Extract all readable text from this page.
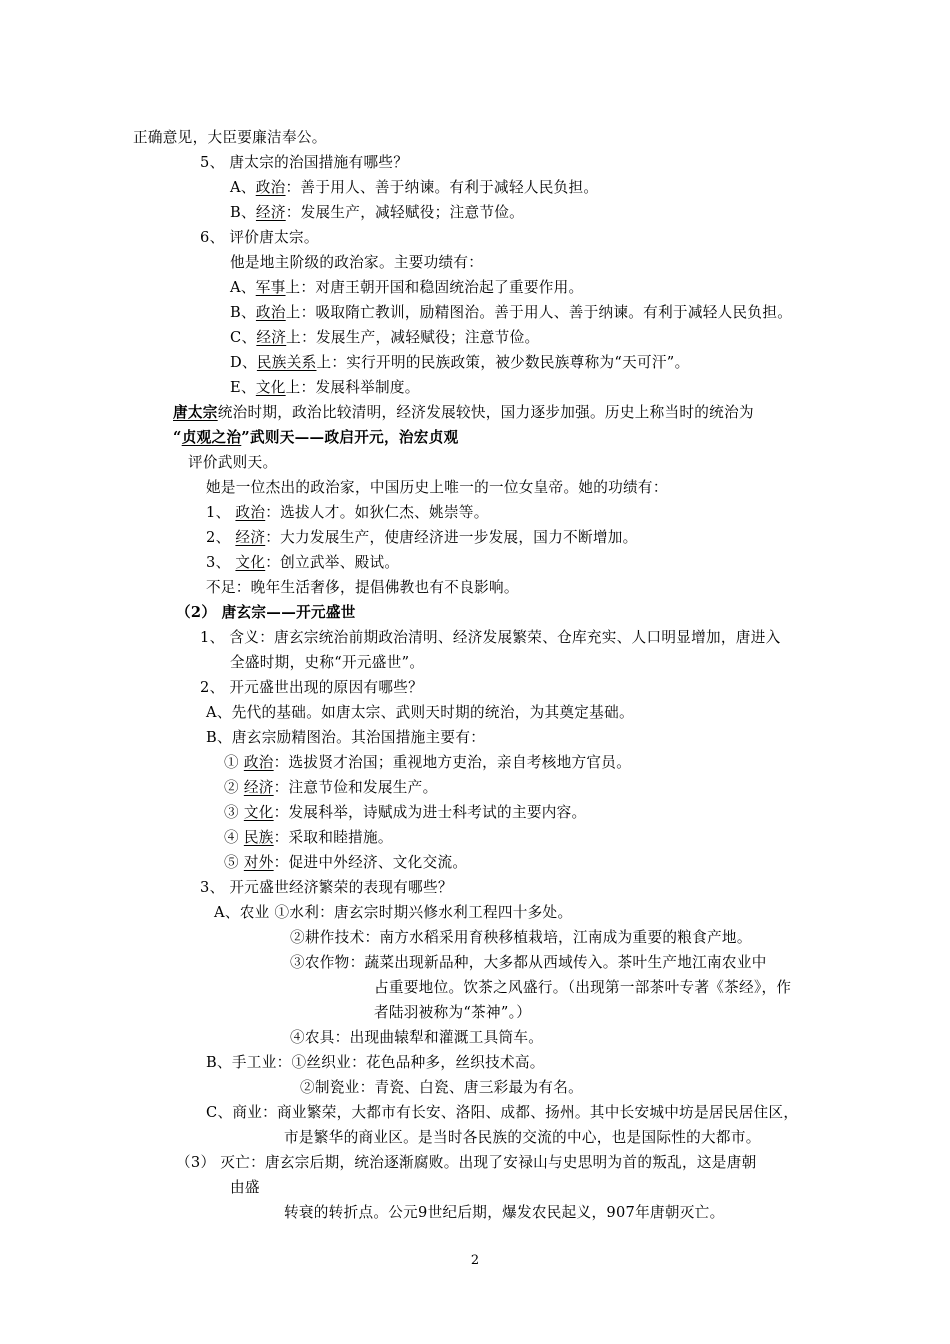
正确意见，大臣要廉洁奉公。
5、 唐太宗的治国措施有哪些？
A、政治：善于用人、善于纳谏。有利于减轻人民负担。
B、经济：发展生产，减轻赋役；注意节俭。
6、 评价唐太宗。
他是地主阶级的政治家。主要功绩有：
A、军事上：对唐王朝开国和稳固统治起了重要作用。
B、政治上：吸取隋亡教训，励精图治。善于用人、善于纳谏。有利于减轻人民负担。
C、经济上：发展生产，减轻赋役；注意节俭。
D、民族关系上：实行开明的民族政策，被少数民族尊称为“天可汗”。
E、文化上：发展科举制度。
唐太宗统治时期，政治比较清明，经济发展较快，国力逐步加强。历史上称当时的统治为
“贞观之治”武则天——政启开元，治宏贞观
评价武则天。
她是一位杰出的政治家，中国历史上唯一的一位女皇帝。她的功绩有：
1、 政治：选拔人才。如狄仁杰、姚崇等。
2、 经济：大力发展生产，使唐经济进一步发展，国力不断增加。
3、 文化：创立武举、殿试。
不足：晚年生活奢侈，提倡佛教也有不良影响。
（2） 唐玄宗——开元盛世
1、 含义：唐玄宗统治前期政治清明、经济发展繁荣、仓库充实、人口明显增加，唐进入
全盛时期，史称“开元盛世”。
2、 开元盛世出现的原因有哪些？
A、先代的基础。如唐太宗、武则天时期的统治，为其奠定基础。
B、唐玄宗励精图治。其治国措施主要有：
① 政治：选拔贤才治国；重视地方吏治，亲自考核地方官员。
② 经济：注意节俭和发展生产。
③ 文化：发展科举，诗赋成为进士科考试的主要内容。
④ 民族：采取和睦措施。
⑤ 对外：促进中外经济、文化交流。
3、 开元盛世经济繁荣的表现有哪些？
A、农业 ①水利：唐玄宗时期兴修水利工程四十多处。
②耕作技术：南方水稻采用育秧移植栽培，江南成为重要的粮食产地。
③农作物：蔬菜出现新品种，大多都从西域传入。茶叶生产地江南农业中
占重要地位。饮茶之风盛行。（出现第一部茶叶专著《茶经》，作
者陆羽被称为“茶神”。）
④农具：出现曲辕犁和灌溉工具筒车。
B、手工业：①丝织业：花色品种多，丝织技术高。
②制瓷业：青瓷、白瓷、唐三彩最为有名。
C、商业：商业繁荣，大都市有长安、洛阳、成都、扬州。其中长安城中坊是居民居住区，
市是繁华的商业区。是当时各民族的交流的中心，也是国际性的大都市。
（3） 灭亡：唐玄宗后期，统治逐渐腐败。出现了安禄山与史思明为首的叛乱，这是唐朝
由盛
转衰的转折点。公元9世纪后期，爆发农民起义，907年唐朝灭亡。
2
